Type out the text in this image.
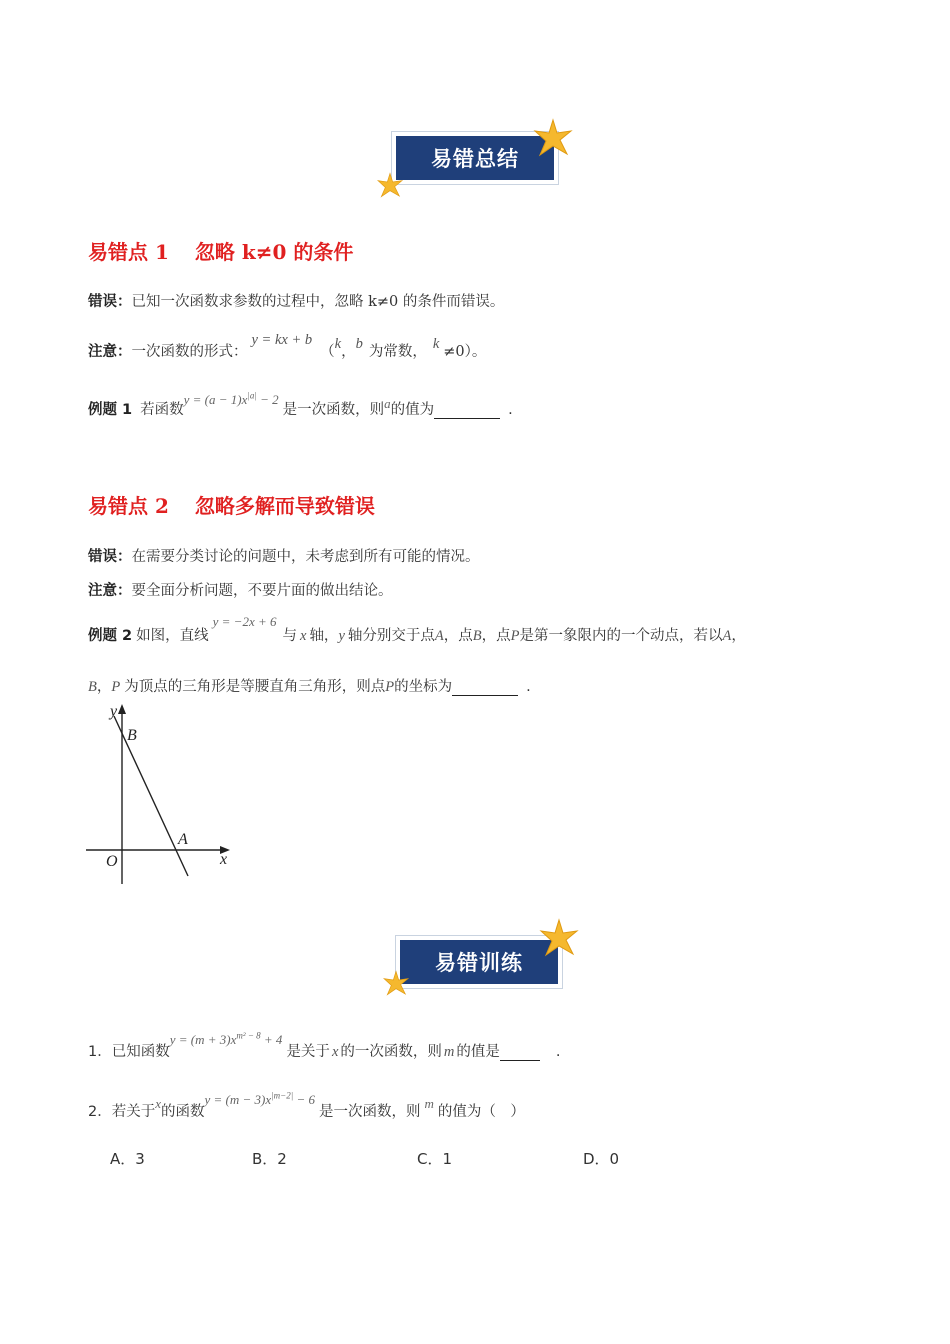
易错总结
易错点 1 忽略 k≠0 的条件
错误：已知一次函数求参数的过程中，忽略 k≠0 的条件而错误。
注意：一次函数的形式：y = kx + b（k，b 为常数， k ≠0）。
例题 1 若函数$y = (a - 1)x^{|a|} - 2$是一次函数，则a的值为	.
易错点 2 忽略多解而导致错误
错误：在需要分类讨论的问题中，未考虑到所有可能的情况。
注意：要全面分析问题，不要片面的做出结论。
例题 2 如图，直线y = −2x + 6与 x 轴，y 轴分别交于点A，点B，点P是第一象限内的一个动点，若以A，
B，P 为顶点的三角形是等腰直角三角形，则点P的坐标为	.
y
x
O
B
A
易错训练
1．已知函数$y = (m + 3)x^{m^2 - 8} + 4$是关于 x 的一次函数，则 m 的值是	.
2．若关于x的函数$y = (m - 3)x^{|m-2|} - 6$是一次函数，则m的值为（　）
A．3	B．2	C．1	D．0
